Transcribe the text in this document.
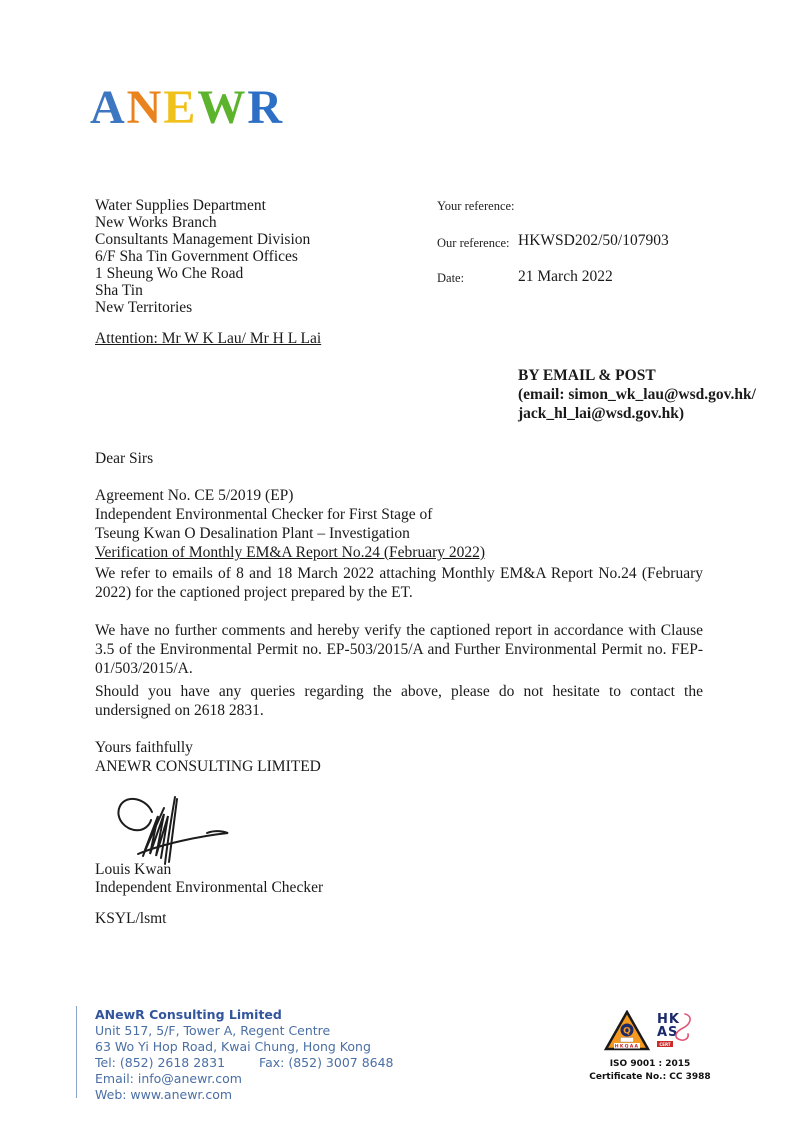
ANEWR
Water Supplies Department
New Works Branch
Consultants Management Division
6/F Sha Tin Government Offices
1 Sheung Wo Che Road
Sha Tin
New Territories
Your reference:
Our reference: HKWSD202/50/107903
Date:	21 March 2022
Attention: Mr W K Lau/ Mr H L Lai
BY EMAIL & POST
(email: simon_wk_lau@wsd.gov.hk/
jack_hl_lai@wsd.gov.hk)
Dear Sirs
Agreement No. CE 5/2019 (EP)
Independent Environmental Checker for First Stage of
Tseung Kwan O Desalination Plant – Investigation
Verification of Monthly EM&A Report No.24 (February 2022)

We refer to emails of 8 and 18 March 2022 attaching Monthly EM&A Report No.24 (February 2022) for the captioned project prepared by the ET.

We have no further comments and hereby verify the captioned report in accordance with Clause 3.5 of the Environmental Permit no. EP-503/2015/A and Further Environmental Permit no. FEP-01/503/2015/A.

Should you have any queries regarding the above, please do not hesitate to contact the undersigned on 2618 2831.

Yours faithfully
ANEWR CONSULTING LIMITED
Louis Kwan
Independent Environmental Checker
KSYL/lsmt
ANewR Consulting Limited
Unit 517, 5/F, Tower A, Regent Centre
63 Wo Yi Hop Road, Kwai Chung, Hong Kong
Tel: (852) 2618 2831	Fax: (852) 3007 8648
Email: info@anewr.com
Web: www.anewr.com
Q
HKQAA
HK
AS
CERT
ISO 9001 : 2015
Certificate No.: CC 3988
